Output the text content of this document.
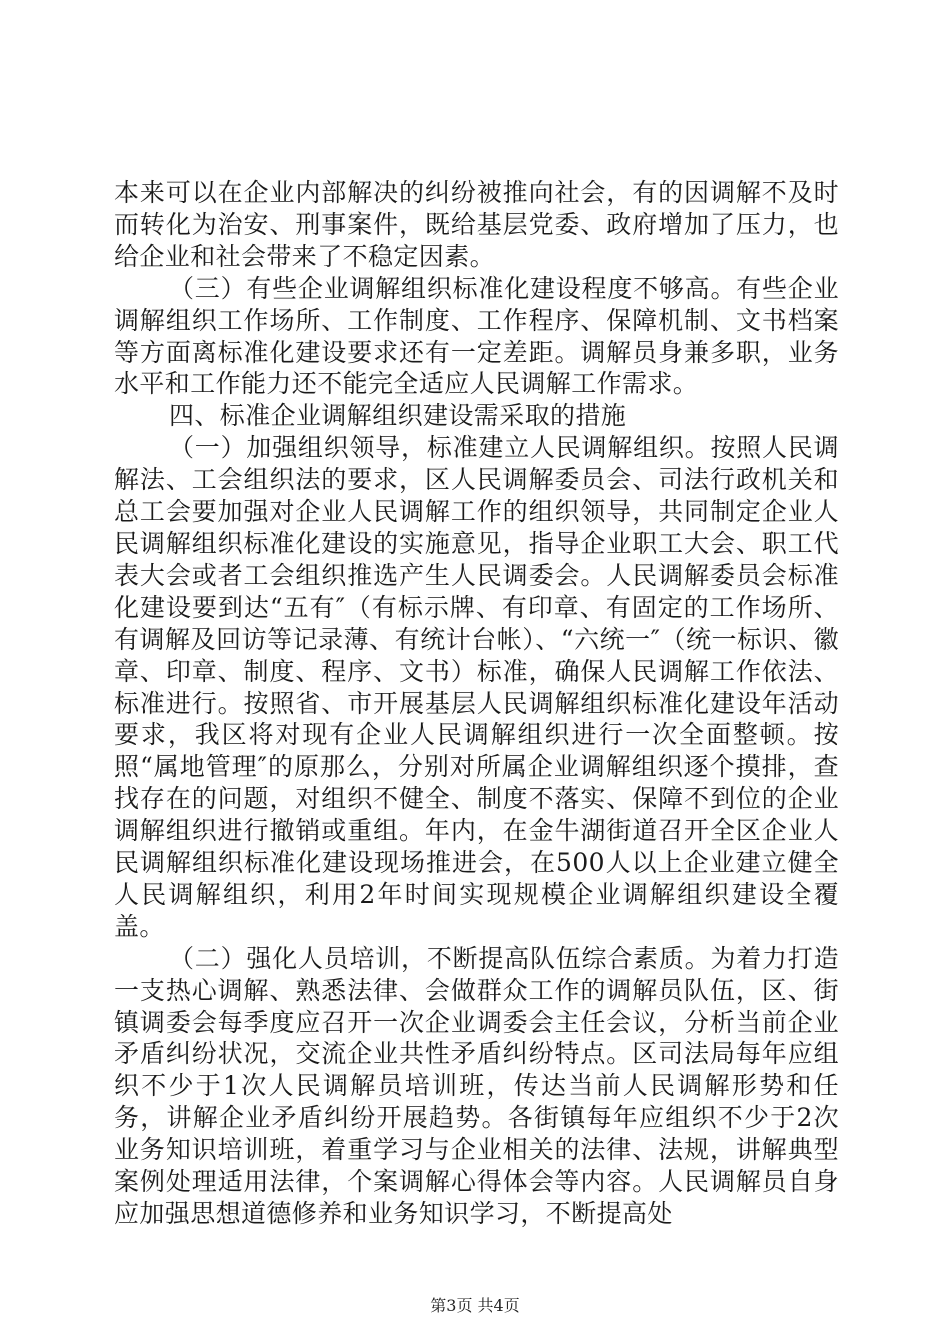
本来可以在企业内部解决的纠纷被推向社会，有的因调解不及时而转化为治安、刑事案件，既给基层党委、政府增加了压力，也给企业和社会带来了不稳定因素。

（三）有些企业调解组织标准化建设程度不够高。有些企业调解组织工作场所、工作制度、工作程序、保障机制、文书档案等方面离标准化建设要求还有一定差距。调解员身兼多职，业务水平和工作能力还不能完全适应人民调解工作需求。

四、标准企业调解组织建设需采取的措施

（一）加强组织领导，标准建立人民调解组织。按照人民调解法、工会组织法的要求，区人民调解委员会、司法行政机关和总工会要加强对企业人民调解工作的组织领导，共同制定企业人民调解组织标准化建设的实施意见，指导企业职工大会、职工代表大会或者工会组织推选产生人民调委会。人民调解委员会标准化建设要到达“五有″（有标示牌、有印章、有固定的工作场所、有调解及回访等记录薄、有统计台帐）、“六统一″（统一标识、徽章、印章、制度、程序、文书）标准，确保人民调解工作依法、标准进行。按照省、市开展基层人民调解组织标准化建设年活动要求，我区将对现有企业人民调解组织进行一次全面整顿。按照“属地管理″的原那么，分别对所属企业调解组织逐个摸排，查找存在的问题，对组织不健全、制度不落实、保障不到位的企业调解组织进行撤销或重组。年内，在金牛湖街道召开全区企业人民调解组织标准化建设现场推进会，在500人以上企业建立健全人民调解组织，利用2年时间实现规模企业调解组织建设全覆盖。

（二）强化人员培训，不断提高队伍综合素质。为着力打造一支热心调解、熟悉法律、会做群众工作的调解员队伍，区、街镇调委会每季度应召开一次企业调委会主任会议，分析当前企业矛盾纠纷状况，交流企业共性矛盾纠纷特点。区司法局每年应组织不少于1次人民调解员培训班，传达当前人民调解形势和任务，讲解企业矛盾纠纷开展趋势。各街镇每年应组织不少于2次业务知识培训班，着重学习与企业相关的法律、法规，讲解典型案例处理适用法律，个案调解心得体会等内容。人民调解员自身应加强思想道德修养和业务知识学习，不断提高处

第3页 共4页
